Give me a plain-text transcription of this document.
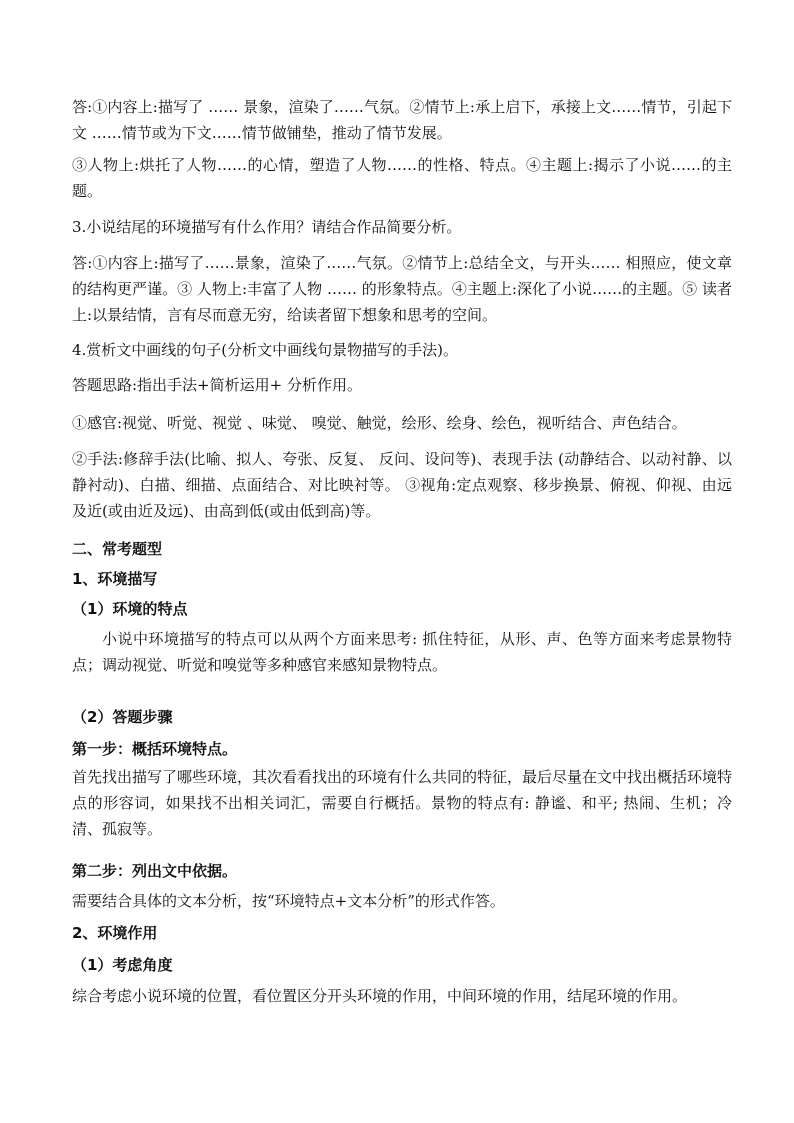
答:①内容上:描写了 …… 景象，渲染了……气氛。②情节上:承上启下，承接上文……情节，引起下文 ……情节或为下文……情节做铺垫，推动了情节发展。

③人物上:烘托了人物……的心情，塑造了人物……的性格、特点。④主题上:揭示了小说……的主题。

3.小说结尾的环境描写有什么作用？请结合作品简要分析。

答:①内容上:描写了……景象，渲染了……气氛。②情节上:总结全文，与开头…… 相照应，使文章的结构更严谨。③ 人物上:丰富了人物 …… 的形象特点。④主题上:深化了小说……的主题。⑤ 读者上:以景结情，言有尽而意无穷，给读者留下想象和思考的空间。

4.赏析文中画线的句子(分析文中画线句景物描写的手法)。

答题思路:指出手法+简析运用+ 分析作用。

①感官:视觉、听觉、视觉 、味觉、 嗅觉、触觉，绘形、绘身、绘色，视听结合、声色结合。

②手法:修辞手法(比喻、拟人、夸张、反复、 反问、设问等)、表现手法 (动静结合、以动衬静、以静衬动)、白描、细描、点面结合、对比映衬等。 ③视角:定点观察、移步换景、俯视、仰视、由远及近(或由近及远)、由高到低(或由低到高)等。

二、常考题型

1、环境描写

（1）环境的特点

小说中环境描写的特点可以从两个方面来思考: 抓住特征，从形、声、色等方面来考虑景物特点；调动视觉、听觉和嗅觉等多种感官来感知景物特点。

（2）答题步骤

第一步：概括环境特点。

首先找出描写了哪些环境，其次看看找出的环境有什么共同的特征，最后尽量在文中找出概括环境特点的形容词，如果找不出相关词汇，需要自行概括。景物的特点有: 静谧、和平; 热闹、生机；冷清、孤寂等。

第二步：列出文中依据。

需要结合具体的文本分析，按“环境特点+文本分析”的形式作答。

2、环境作用

（1）考虑角度

综合考虑小说环境的位置，看位置区分开头环境的作用，中间环境的作用，结尾环境的作用。
